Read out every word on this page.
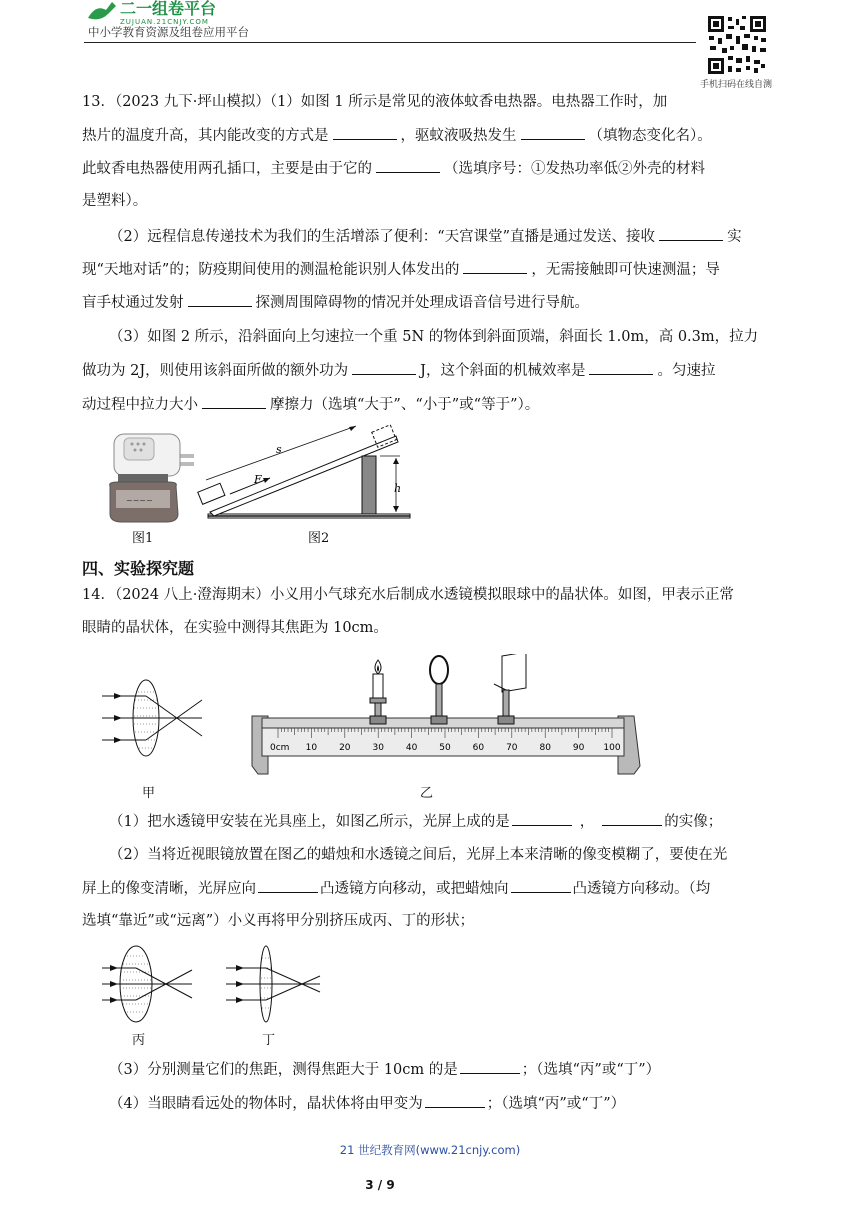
二一组卷平台
ZUJUAN.21CNJY.COM
中小学教育资源及组卷应用平台
手机扫码在线自测
13．（2023 九下·坪山模拟）（1）如图 1 所示是常见的液体蚊香电热器。电热器工作时，加
热片的温度升高，其内能改变的方式是	，驱蚊液吸热发生	（填物态变化名）。
此蚊香电热器使用两孔插口，主要是由于它的	（选填序号：①发热功率低②外壳的材料
是塑料）。
（2）远程信息传递技术为我们的生活增添了便利：“天宫课堂”直播是通过发送、接收	实
现“天地对话”的；防疫期间使用的测温枪能识别人体发出的	，无需接触即可快速测温；导
盲手杖通过发射	探测周围障碍物的情况并处理成语音信号进行导航。
（3）如图 2 所示，沿斜面向上匀速拉一个重 5N 的物体到斜面顶端，斜面长 1.0m，高 0.3m，拉力
做功为 2J，则使用该斜面所做的额外功为	J，这个斜面的机械效率是	。匀速拉
动过程中拉力大小	摩擦力（选填“大于”、“小于”或“等于”）。
~~~~
图1
F
s
h
图2
四、实验探究题
14．（2024 八上·澄海期末）小义用小气球充水后制成水透镜模拟眼球中的晶状体。如图，甲表示正常
眼睛的晶状体，在实验中测得其焦距为 10cm。
甲
0cm 10 20 30 40 50 60 70 80 90 100
乙
（1）把水透镜甲安装在光具座上，如图乙所示，光屏上成的是	，	的实像；
（2）当将近视眼镜放置在图乙的蜡烛和水透镜之间后，光屏上本来清晰的像变模糊了，要使在光
屏上的像变清晰，光屏应向	凸透镜方向移动，或把蜡烛向	凸透镜方向移动。（均
选填“靠近”或“远离”）小义再将甲分别挤压成丙、丁的形状；
丙	丁
（3）分别测量它们的焦距，测得焦距大于 10cm 的是	；（选填“丙”或“丁”）
（4）当眼睛看远处的物体时，晶状体将由甲变为	；（选填“丙”或“丁”）
21 世纪教育网(www.21cnjy.com)
3 / 9
